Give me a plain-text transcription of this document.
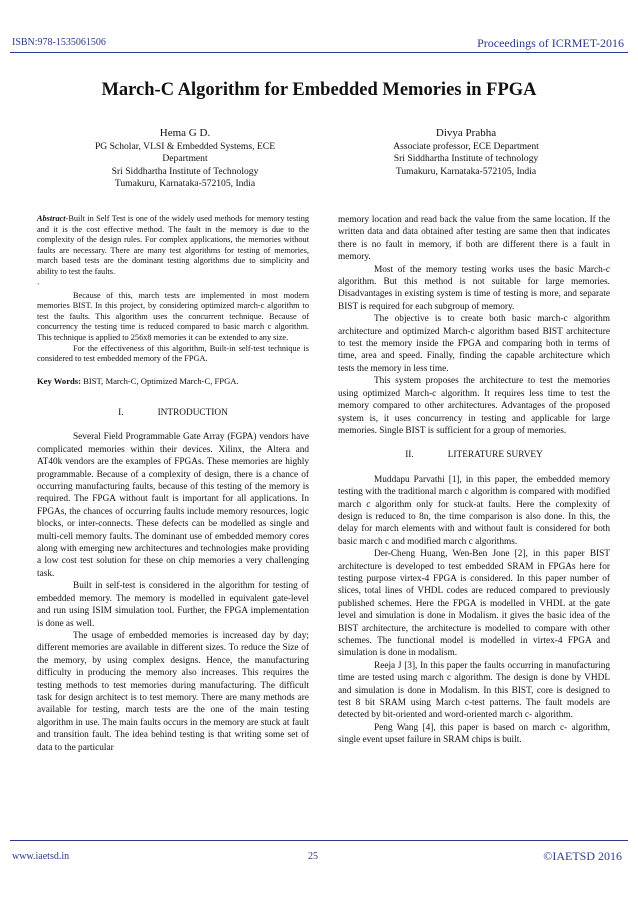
ISBN:978-1535061506	Proceedings of ICRMET-2016
March-C Algorithm for Embedded Memories in FPGA
Hema G D.
PG Scholar, VLSI & Embedded Systems, ECE
Department
Sri Siddhartha Institute of Technology
Tumakuru, Karnataka-572105, India
Divya Prabha
Associate professor, ECE Department
Sri Siddhartha Institute of technology
Tumakuru, Karnataka-572105, India

Abstract-Built in Self Test is one of the widely used methods for memory testing and it is the cost effective method. The fault in the memory is due to the complexity of the design rules. For complex applications, the memories without faults are necessary. There are many test algorithms for testing of memories, march based tests are the dominant testing algorithms due to simplicity and ability to test the faults.

`

Because of this, march tests are implemented in most modern memories BIST. In this project, by considering optimized march-c algorithm to test the faults. This algorithm uses the concurrent technique. Because of concurrency the testing time is reduced compared to basic march c algorithm. This technique is applied to 256x8 memories it can be extended to any size.

For the effectiveness of this algorithm, Built-in self-test technique is considered to test embedded memory of the FPGA.

Key Words: BIST, March-C, Optimized March-C, FPGA.

I.	INTRODUCTION

Several Field Programmable Gate Array (FGPA) vendors have complicated memories within their devices. Xilinx, the Altera and AT40k vendors are the examples of FPGAs. These memories are highly programmable. Because of a complexity of design, there is a chance of occurring manufacturing faults, because of this testing of the memory is required. The FPGA without fault is important for all applications. In FPGAs, the chances of occurring faults include memory resources, logic blocks, or inter-connects. These defects can be modelled as single and multi-cell memory faults. The dominant use of embedded memory cores along with emerging new architectures and technologies make providing a low cost test solution for these on chip memories a very challenging task.

Built in self-test is considered in the algorithm for testing of embedded memory. The memory is modelled in equivalent gate-level and run using ISIM simulation tool. Further, the FPGA implementation is done as well.

The usage of embedded memories is increased day by day; different memories are available in different sizes. To reduce the Size of the memory, by using complex designs. Hence, the manufacturing difficulty in producing the memory also increases. This requires the testing methods to test memories during manufacturing. The difficult task for design architect is to test memory. There are many methods are available for testing, march tests are the one of the main testing algorithm in use. The main faults occurs in the memory are stuck at fault and transition fault. The idea behind testing is that writing some set of data to the particular

memory location and read back the value from the same location. If the written data and data obtained after testing are same then that indicates there is no fault in memory, if both are different there is a fault in memory.

Most of the memory testing works uses the basic March-c algorithm. But this method is not suitable for large memories. Disadvantages in existing system is time of testing is more, and separate BIST is required for each subgroup of memory.

The objective is to create both basic march-c algorithm architecture and optimized March-c algorithm based BIST architecture to test the memory inside the FPGA and comparing both in terms of time, area and speed. Finally, finding the capable architecture which tests the memory in less time.

This system proposes the architecture to test the memories using optimized March-c algorithm. It requires less time to test the memory compared to other architectures. Advantages of the proposed system is, it uses concurrency in testing and applicable for large memories. Single BIST is sufficient for a group of memories.

II.	LITERATURE SURVEY

Muddapu Parvathi [1], in this paper, the embedded memory testing with the traditional march c algorithm is compared with modified march c algorithm only for stuck-at faults. Here the complexity of design is reduced to 8n, the time comparison is also done. In this, the delay for march elements with and without fault is considered for both basic march c and modified march c algorithms.

Der-Cheng Huang, Wen-Ben Jone [2], in this paper BIST architecture is developed to test embedded SRAM in FPGAs here for testing purpose virtex-4 FPGA is considered. In this paper number of slices, total lines of VHDL codes are reduced compared to previously published schemes. Here the FPGA is modelled in VHDL at the gate level and simulation is done in Modalism. it gives the basic idea of the BIST architecture, the architecture is modelled to compare with other schemes. The functional model is modelled in virtex-4 FPGA and simulation is done in modalism.

Reeja J [3], In this paper the faults occurring in manufacturing time are tested using march c algorithm. The design is done by VHDL and simulation is done in Modalism. In this BIST, core is designed to test 8 bit SRAM using March c-test patterns. The fault models are detected by bit-oriented and word-oriented march c- algorithm.

Peng Wang [4], this paper is based on march c- algorithm, single event upset failure in SRAM chips is built.

www.iaetsd.in	25	©IAETSD 2016
